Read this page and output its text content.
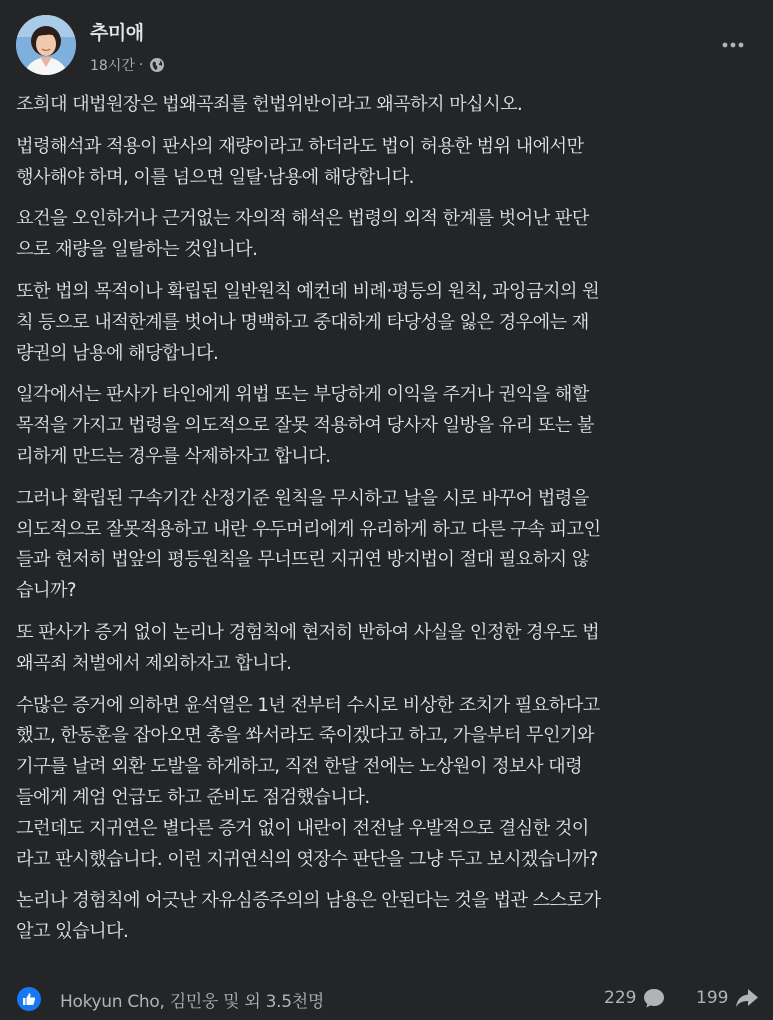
추미애
18시간 ·
조희대 대법원장은 법왜곡죄를 헌법위반이라고 왜곡하지 마십시오.
법령해석과 적용이 판사의 재량이라고 하더라도 법이 허용한 범위 내에서만
행사해야 하며, 이를 넘으면 일탈·남용에 해당합니다.
요건을 오인하거나 근거없는 자의적 해석은 법령의 외적 한계를 벗어난 판단
으로 재량을 일탈하는 것입니다.
또한 법의 목적이나 확립된 일반원칙 예컨데 비례·평등의 원칙, 과잉금지의 원
칙 등으로 내적한계를 벗어나 명백하고 중대하게 타당성을 잃은 경우에는 재
량권의 남용에 해당합니다.
일각에서는 판사가 타인에게 위법 또는 부당하게 이익을 주거나 권익을 해할
목적을 가지고 법령을 의도적으로 잘못 적용하여 당사자 일방을 유리 또는 불
리하게 만드는 경우를 삭제하자고 합니다.
그러나 확립된 구속기간 산정기준 원칙을 무시하고 날을 시로 바꾸어 법령을
의도적으로 잘못적용하고 내란 우두머리에게 유리하게 하고 다른 구속 피고인
들과 현저히 법앞의 평등원칙을 무너뜨린 지귀연 방지법이 절대 필요하지 않
습니까?
또 판사가 증거 없이 논리나 경험칙에 현저히 반하여 사실을 인정한 경우도 법
왜곡죄 처벌에서 제외하자고 합니다.
수많은 증거에 의하면 윤석열은 1년 전부터 수시로 비상한 조치가 필요하다고
했고, 한동훈을 잡아오면 총을 쏴서라도 죽이겠다고 하고, 가을부터 무인기와
기구를 날려 외환 도발을 하게하고, 직전 한달 전에는 노상원이 정보사 대령
들에게 계엄 언급도 하고 준비도 점검했습니다.
그런데도 지귀연은 별다른 증거 없이 내란이 전전날 우발적으로 결심한 것이
라고 판시했습니다. 이런 지귀연식의 엿장수 판단을 그냥 두고 보시겠습니까?
논리나 경험칙에 어긋난 자유심증주의의 남용은 안된다는 것을 법관 스스로가
알고 있습니다.
Hokyun Cho, 김민웅 및 외 3.5천명	229	199
